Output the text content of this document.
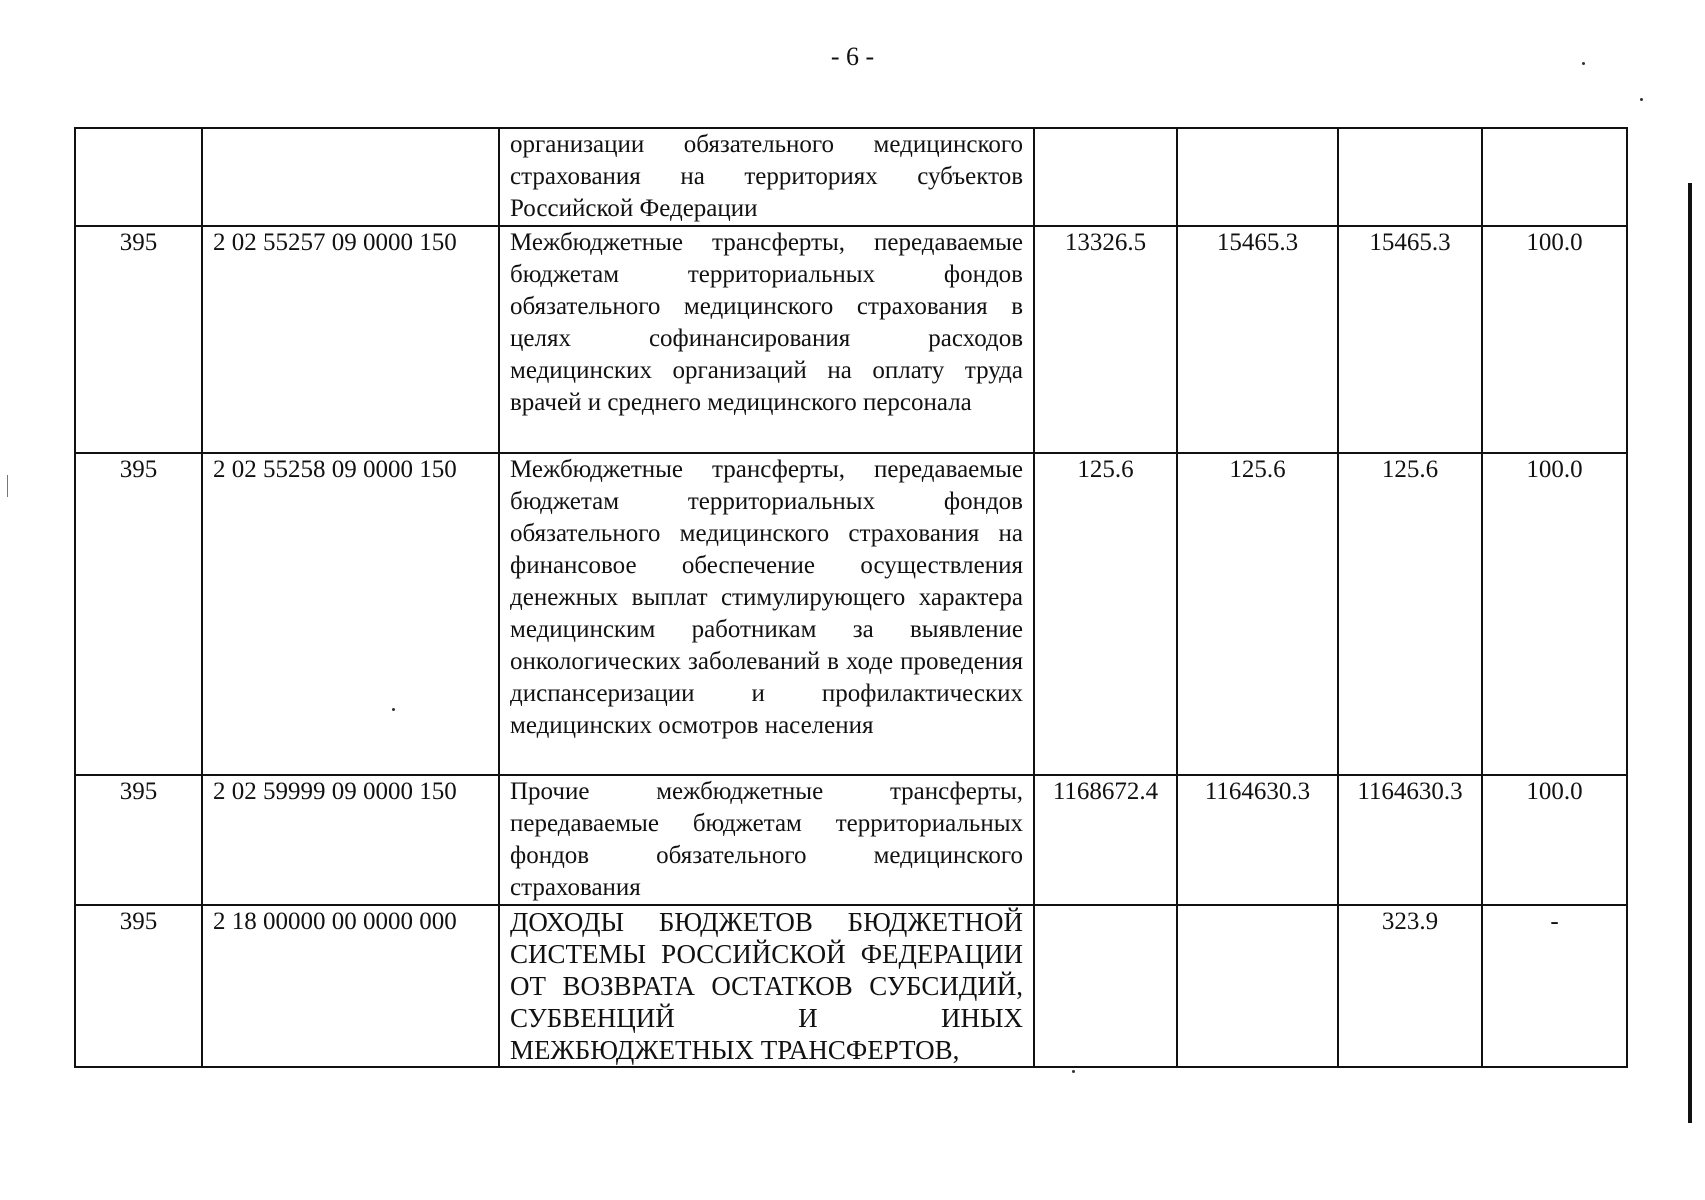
- 6 -
		организации обязательного медицинского страхования на территориях субъектов Российской Федерации				
395	2 02 55257 09 0000 150	Межбюджетные трансферты, передаваемые бюджетам территориальных фондов обязательного медицинского страхования в целях софинансирования расходов медицинских организаций на оплату труда врачей и среднего медицинского персонала	13326.5	15465.3	15465.3	100.0
395	2 02 55258 09 0000 150	Межбюджетные трансферты, передаваемые бюджетам территориальных фондов обязательного медицинского страхования на финансовое обеспечение осуществления денежных выплат стимулирующего характера медицинским работникам за выявление онкологических заболеваний в ходе проведения диспансеризации и профилактических медицинских осмотров населения	125.6	125.6	125.6	100.0
395	2 02 59999 09 0000 150	Прочие межбюджетные трансферты, передаваемые бюджетам территориальных фондов обязательного медицинского страхования	1168672.4	1164630.3	1164630.3	100.0
395	2 18 00000 00 0000 000	ДОХОДЫ БЮДЖЕТОВ БЮДЖЕТНОЙ СИСТЕМЫ РОССИЙСКОЙ ФЕДЕРАЦИИ ОТ ВОЗВРАТА ОСТАТКОВ СУБСИДИЙ, СУБВЕНЦИЙ И ИНЫХ МЕЖБЮДЖЕТНЫХ ТРАНСФЕРТОВ,			323.9	-
